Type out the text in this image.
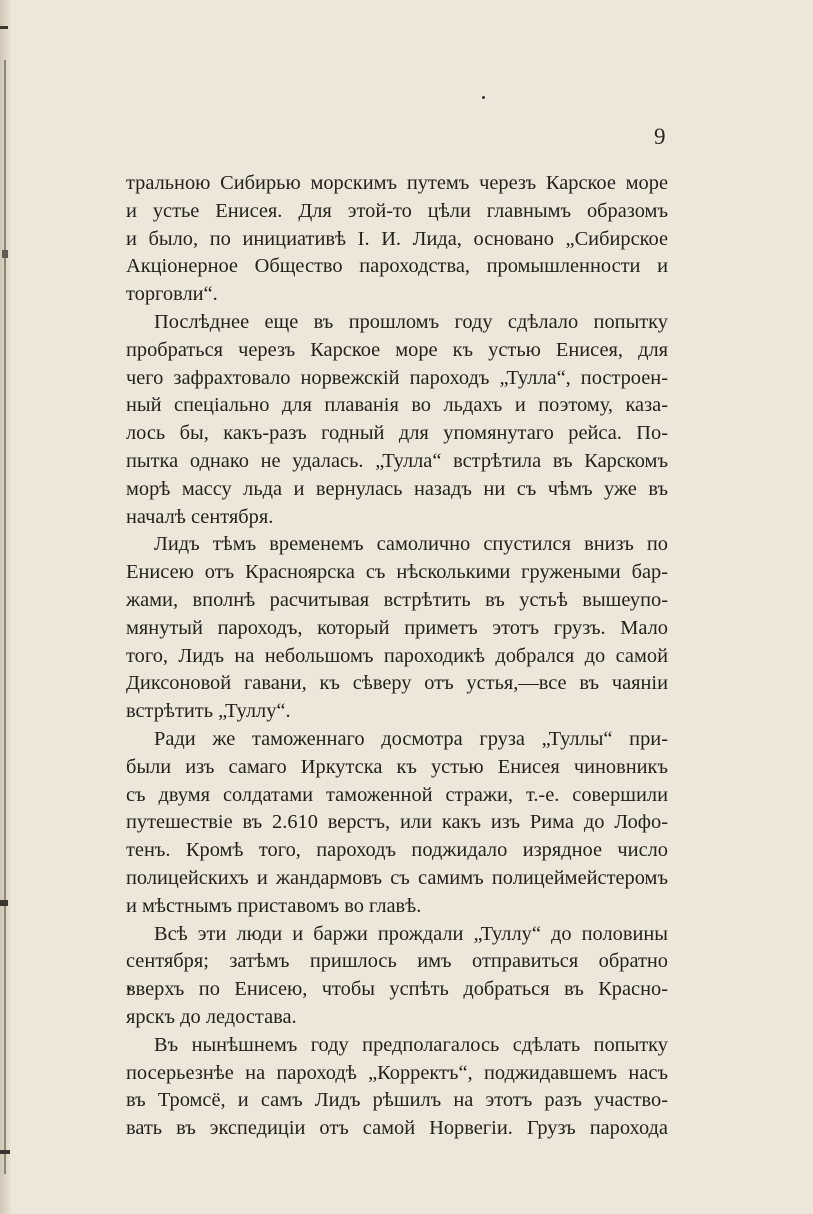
9
тральною Сибирью морскимъ путемъ черезъ Карское море
и устье Енисея. Для этой-то цѣли главнымъ образомъ
и было, по инициативѣ I. И. Лида, основано „Сибирское
Акціонерное Общество пароходства, промышленности и
торговли“.
Послѣднее еще въ прошломъ году сдѣлало попытку
пробраться черезъ Карское море къ устью Енисея, для
чего зафрахтовало норвежскій пароходъ „Тулла“, построен-
ный спеціально для плаванія во льдахъ и поэтому, каза-
лось бы, какъ-разъ годный для упомянутаго рейса. По-
пытка однако не удалась. „Тулла“ встрѣтила въ Карскомъ
морѣ массу льда и вернулась назадъ ни съ чѣмъ уже въ
началѣ сентября.
Лидъ тѣмъ временемъ самолично спустился внизъ по
Енисею отъ Красноярска съ нѣсколькими гружеными бар-
жами, вполнѣ расчитывая встрѣтить въ устьѣ вышеупо-
мянутый пароходъ, который приметъ этотъ грузъ. Мало
того, Лидъ на небольшомъ пароходикѣ добрался до самой
Диксоновой гавани, къ сѣверу отъ устья,—все въ чаяніи
встрѣтить „Туллу“.
Ради же таможеннаго досмотра груза „Туллы“ при-
были изъ самаго Иркутска къ устью Енисея чиновникъ
съ двумя солдатами таможенной стражи, т.-е. совершили
путешествіе въ 2.610 верстъ, или какъ изъ Рима до Лофо-
тенъ. Кромѣ того, пароходъ поджидало изрядное число
полицейскихъ и жандармовъ съ самимъ полицеймейстеромъ
и мѣстнымъ приставомъ во главѣ.
Всѣ эти люди и баржи прождали „Туллу“ до половины
сентября; затѣмъ пришлось имъ отправиться обратно
вверхъ по Енисею, чтобы успѣть добраться въ Красно-
ярскъ до ледостава.
Въ нынѣшнемъ году предполагалось сдѣлать попытку
посерьезнѣе на пароходѣ „Корректъ“, поджидавшемъ насъ
въ Тромсё, и самъ Лидъ рѣшилъ на этотъ разъ участво-
вать въ экспедиціи отъ самой Норвегіи. Грузъ парохода
